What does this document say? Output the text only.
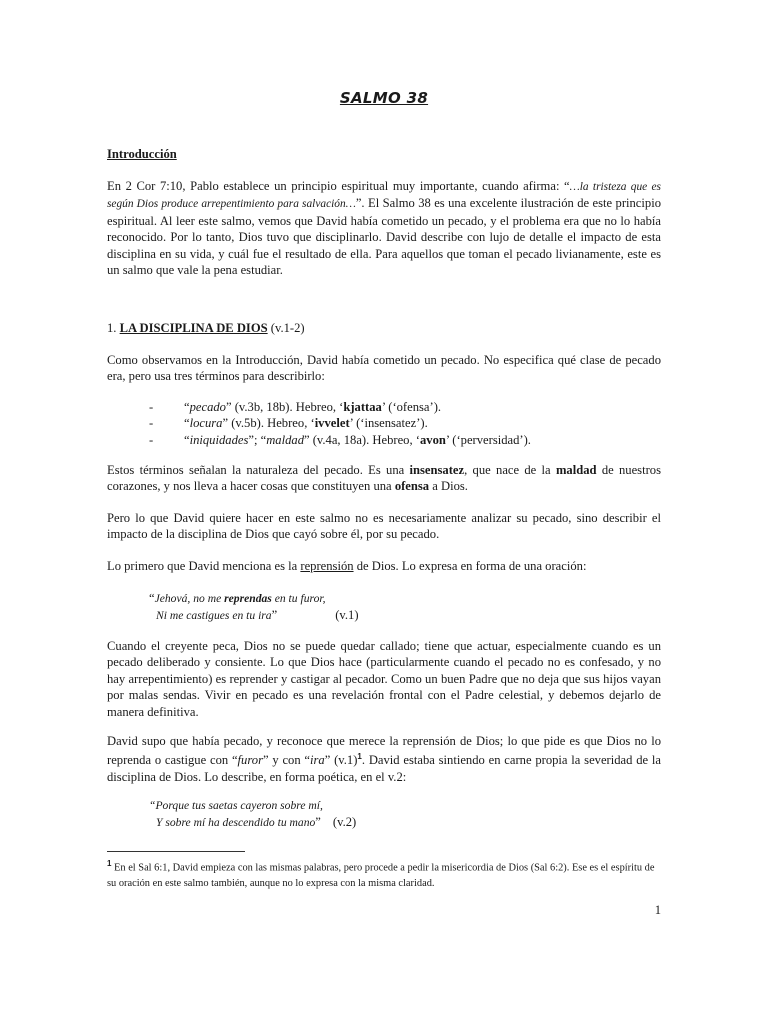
SALMO 38
Introducción
En 2 Cor 7:10, Pablo establece un principio espiritual muy importante, cuando afirma: “…la tristeza que es según Dios produce arrepentimiento para salvación…”. El Salmo 38 es una excelente ilustración de este principio espiritual. Al leer este salmo, vemos que David había cometido un pecado, y el problema era que no lo había reconocido. Por lo tanto, Dios tuvo que disciplinarlo. David describe con lujo de detalle el impacto de esta disciplina en su vida, y cuál fue el resultado de ella. Para aquellos que toman el pecado livianamente, este es un salmo que vale la pena estudiar.
1. LA DISCIPLINA DE DIOS (v.1-2)
Como observamos en la Introducción, David había cometido un pecado. No especifica qué clase de pecado era, pero usa tres términos para describirlo:
- “pecado” (v.3b, 18b). Hebreo, ‘kjattaa’ (‘ofensa’).
- “locura” (v.5b). Hebreo, ‘ivvelet’ (‘insensatez’).
- “iniquidades”; “maldad” (v.4a, 18a). Hebreo, ‘avon’ (‘perversidad’).
Estos términos señalan la naturaleza del pecado. Es una insensatez, que nace de la maldad de nuestros corazones, y nos lleva a hacer cosas que constituyen una ofensa a Dios.
Pero lo que David quiere hacer en este salmo no es necesariamente analizar su pecado, sino describir el impacto de la disciplina de Dios que cayó sobre él, por su pecado.
Lo primero que David menciona es la reprensión de Dios. Lo expresa en forma de una oración:
“Jehová, no me reprendas en tu furor,
Ni me castigues en tu ira”	(v.1)
Cuando el creyente peca, Dios no se puede quedar callado; tiene que actuar, especialmente cuando es un pecado deliberado y consiente. Lo que Dios hace (particularmente cuando el pecado no es confesado, y no hay arrepentimiento) es reprender y castigar al pecador. Como un buen Padre que no deja que sus hijos vayan por malas sendas. Vivir en pecado es una revelación frontal con el Padre celestial, y debemos dejarlo de manera definitiva.
David supo que había pecado, y reconoce que merece la reprensión de Dios; lo que pide es que Dios no lo reprenda o castigue con “furor” y con “ira” (v.1)$^1$. David estaba sintiendo en carne propia la severidad de la disciplina de Dios. Lo describe, en forma poética, en el v.2:
“Porque tus saetas cayeron sobre mí,
Y sobre mí ha descendido tu mano” (v.2)
$^1$ En el Sal 6:1, David empieza con las mismas palabras, pero procede a pedir la misericordia de Dios (Sal 6:2). Ese es el espíritu de su oración en este salmo también, aunque no lo expresa con la misma claridad.
1
